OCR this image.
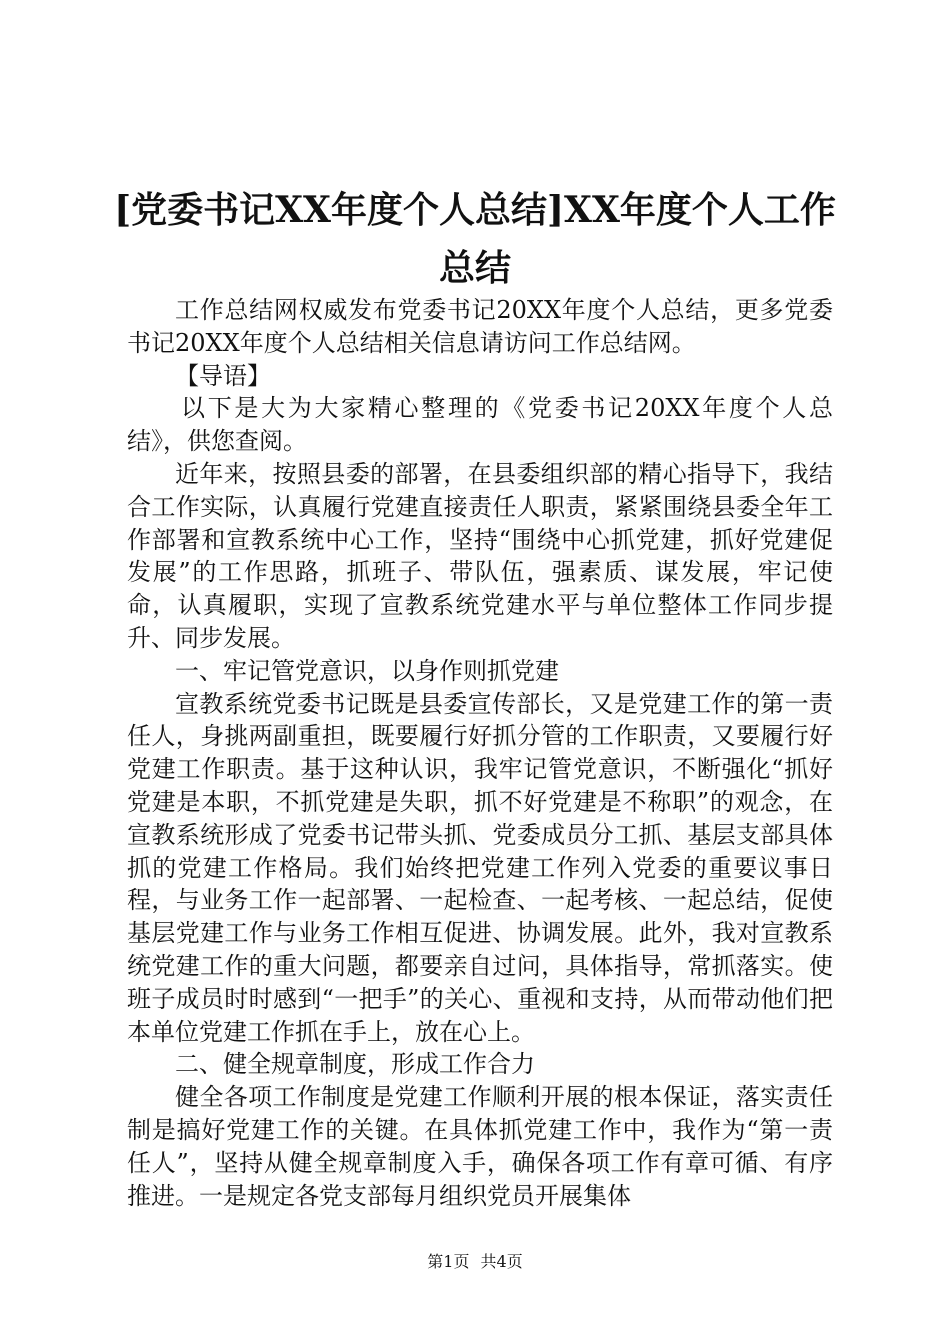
[党委书记XX年度个人总结]XX年度个人工作
总结

工作总结网权威发布党委书记20XX年度个人总结，更多党委书记20XX年度个人总结相关信息请访问工作总结网。

【导语】

以下是大为大家精心整理的《党委书记20XX年度个人总结》，供您查阅。

近年来，按照县委的部署，在县委组织部的精心指导下，我结合工作实际，认真履行党建直接责任人职责，紧紧围绕县委全年工作部署和宣教系统中心工作，坚持“围绕中心抓党建，抓好党建促发展”的工作思路，抓班子、带队伍，强素质、谋发展，牢记使命，认真履职，实现了宣教系统党建水平与单位整体工作同步提升、同步发展。

一、牢记管党意识，以身作则抓党建

宣教系统党委书记既是县委宣传部长，又是党建工作的第一责任人，身挑两副重担，既要履行好抓分管的工作职责，又要履行好党建工作职责。基于这种认识，我牢记管党意识，不断强化“抓好党建是本职，不抓党建是失职，抓不好党建是不称职”的观念，在宣教系统形成了党委书记带头抓、党委成员分工抓、基层支部具体抓的党建工作格局。我们始终把党建工作列入党委的重要议事日程，与业务工作一起部署、一起检查、一起考核、一起总结，促使基层党建工作与业务工作相互促进、协调发展。此外，我对宣教系统党建工作的重大问题，都要亲自过问，具体指导，常抓落实。使班子成员时时感到“一把手”的关心、重视和支持，从而带动他们把本单位党建工作抓在手上，放在心上。

二、健全规章制度，形成工作合力

健全各项工作制度是党建工作顺利开展的根本保证，落实责任制是搞好党建工作的关键。在具体抓党建工作中，我作为“第一责任人”，坚持从健全规章制度入手，确保各项工作有章可循、有序推进。一是规定各党支部每月组织党员开展集体

第1页 共4页
